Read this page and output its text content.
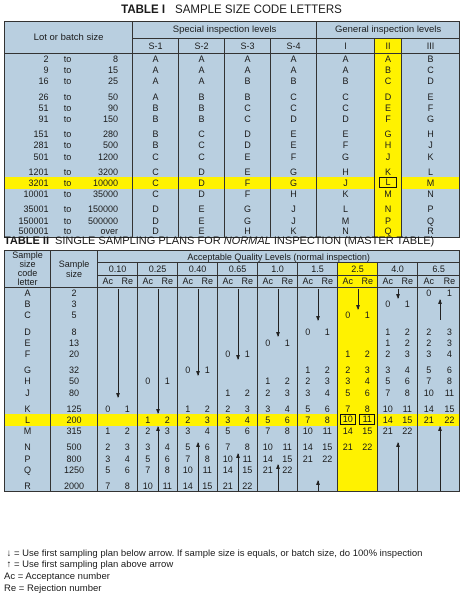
TABLE I SAMPLE SIZE CODE LETTERS
Lot or batch size			Special inspection levels				General inspection levels		
			S-1	S-2	S-3	S-4	I	II	III
2	to	8	A	A	A	A	A	A	B
9	to	15	A	A	A	A	A	B	C
16	to	25	A	A	B	B	B	C	D

26	to	50	A	B	B	C	C	D	E
51	to	90	B	B	C	C	C	E	F
91	to	150	B	B	C	D	D	F	G

151	to	280	B	C	D	E	E	G	H
281	to	500	B	C	D	E	F	H	J
501	to	1200	C	C	E	F	G	J	K

1201	to	3200	C	D	E	G	H	K	L
3201	to	10000	C	D	F	G	J	L	M
10001	to	35000	C	D	F	H	K	M	N

35001	to	150000	D	E	G	J	L	N	P
150001	to	500000	D	E	G	J	M	P	Q
500001	to	over	D	E	H	K	N	Q	R
TABLE II SINGLE SAMPLING PLANS FOR NORMAL INSPECTION (MASTER TABLE)
Sample
size
code
letter	Sample
size	Acceptable Quality Levels (normal inspection)																	
		0.10		0.25		0.40		0.65		1.0		1.5		2.5		4.0		6.5	
		Ac	Re	Ac	Re	Ac	Re	Ac	Re	Ac	Re	Ac	Re	Ac	Re	Ac	Re	Ac	Re
A	2																	0	1
B	3															0	1		
C	5													0	1				

D	8											0	1			1	2	2	3
E	13									0	1					1	2	2	3
F	20							0	1					1	2	2	3	3	4

G	32					0	1					1	2	2	3	3	4	5	6
H	50			0	1					1	2	2	3	3	4	5	6	7	8
J	80							1	2	2	3	3	4	5	6	7	8	10	11

K	125	0	1			1	2	2	3	3	4	5	6	7	8	10	11	14	15
L	200			1	2	2	3	3	4	5	6	7	8	10	11	14	15	21	22
M	315	1	2	2	3	3	4	5	6	7	8	10	11	14	15	21	22		

N	500	2	3	3	4	5	6	7	8	10	11	14	15	21	22				
P	800	3	4	5	6	7	8	10	11	14	15	21	22						
Q	1250	5	6	7	8	10	11	14	15	21	22								

R	2000	7	8	10	11	14	15	21	22										
↓ = Use first sampling plan below arrow. If sample size is equals, or batch size, do 100% inspection
↑ = Use first sampling plan above arrow
Ac = Acceptance number
Re = Rejection number
